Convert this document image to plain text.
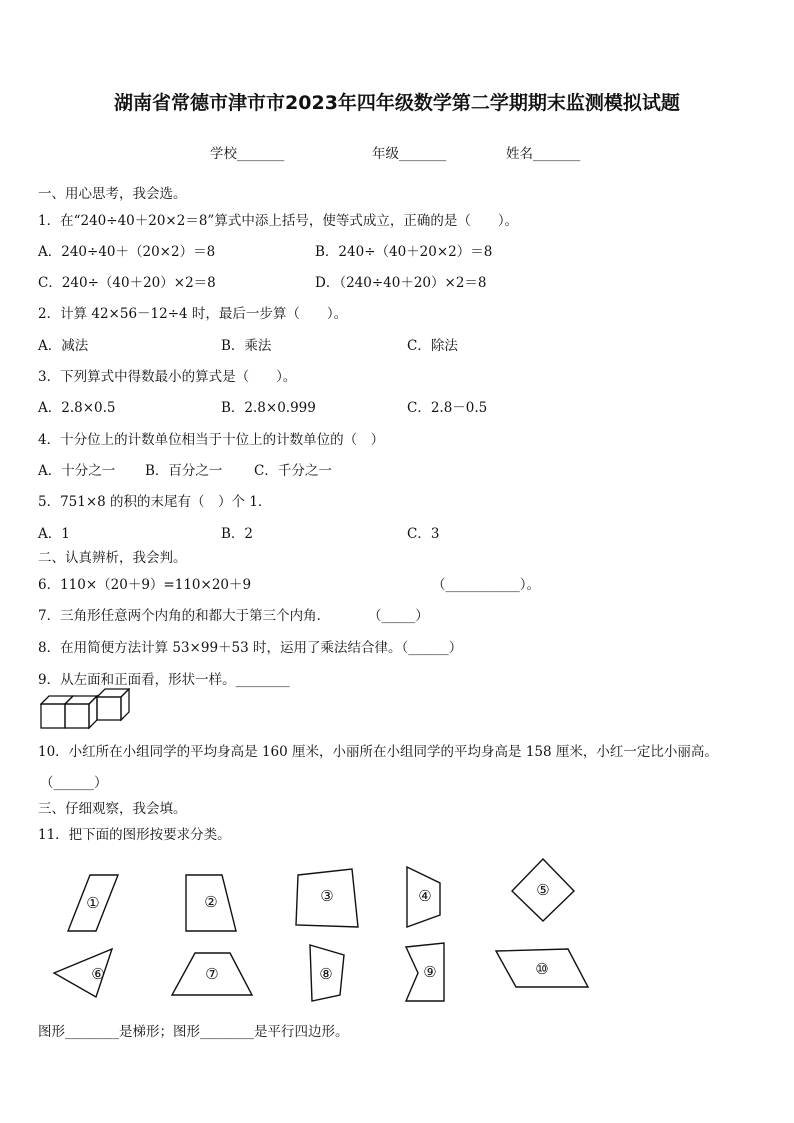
湖南省常德市津市市2023年四年级数学第二学期期末监测模拟试题
学校_______	年级_______	姓名_______
一、用心思考，我会选。
1．在“240÷40＋20×2＝8”算式中添上括号，使等式成立，正确的是（　　）。
A．240÷40＋（20×2）＝8	B．240÷（40＋20×2）＝8
C．240÷（40＋20）×2＝8	D．（240÷40＋20）×2＝8
2．计算 42×56－12÷4 时，最后一步算（　　）。
A．减法	B．乘法	C．除法
3．下列算式中得数最小的算式是（　　）。
A．2.8×0.5	B．2.8×0.999	C．2.8－0.5
4．十分位上的计数单位相当于十位上的计数单位的（　）
A．十分之一 B．百分之一 C．千分之一
5．751×8 的积的末尾有（　）个 1．
A．1	B．2	C．3
二、认真辨析，我会判。
6．110×（20＋9）=110×20＋9	（___________）。
7．三角形任意两个内角的和都大于第三个内角．	（_____）
8．在用简便方法计算 53×99＋53 时，运用了乘法结合律。（______）
9．从左面和正面看，形状一样。________
10．小红所在小组同学的平均身高是 160 厘米，小丽所在小组同学的平均身高是 158 厘米，小红一定比小丽高。
（______）
三、仔细观察，我会填。
11．把下面的图形按要求分类。
①	②	③	④	⑤
⑥	⑦	⑧	⑨	⑩
图形________是梯形；图形________是平行四边形。
